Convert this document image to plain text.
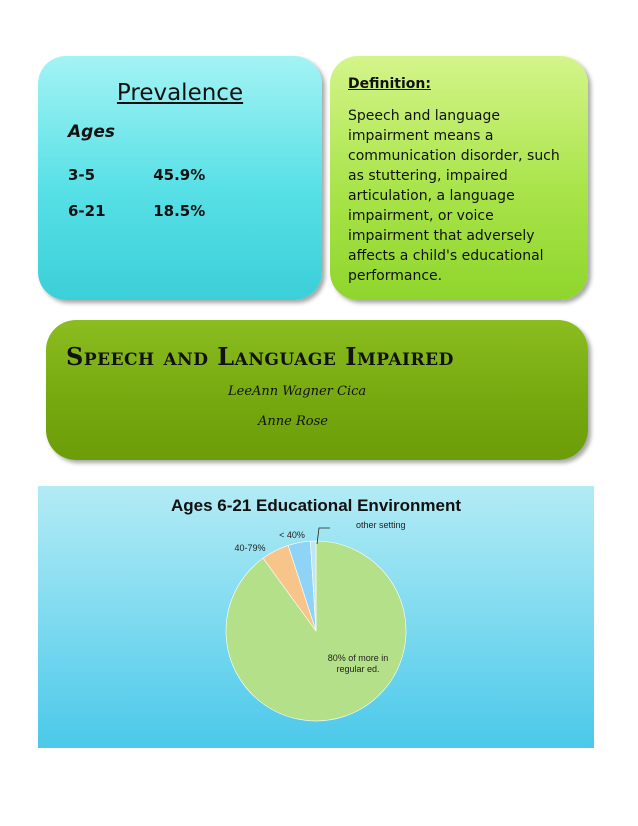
Prevalence
Ages
3-5	45.9%
6-21	18.5%
Definition:
Speech and language
impairment means a
communication disorder, such
as stuttering, impaired
articulation, a language
impairment, or voice
impairment that adversely
affects a child's educational
performance.
Speech and Language Impaired
LeeAnn Wagner Cica
Anne Rose
Ages 6-21 Educational Environment
80% of more in regular ed.
40-79%
< 40%
other setting
